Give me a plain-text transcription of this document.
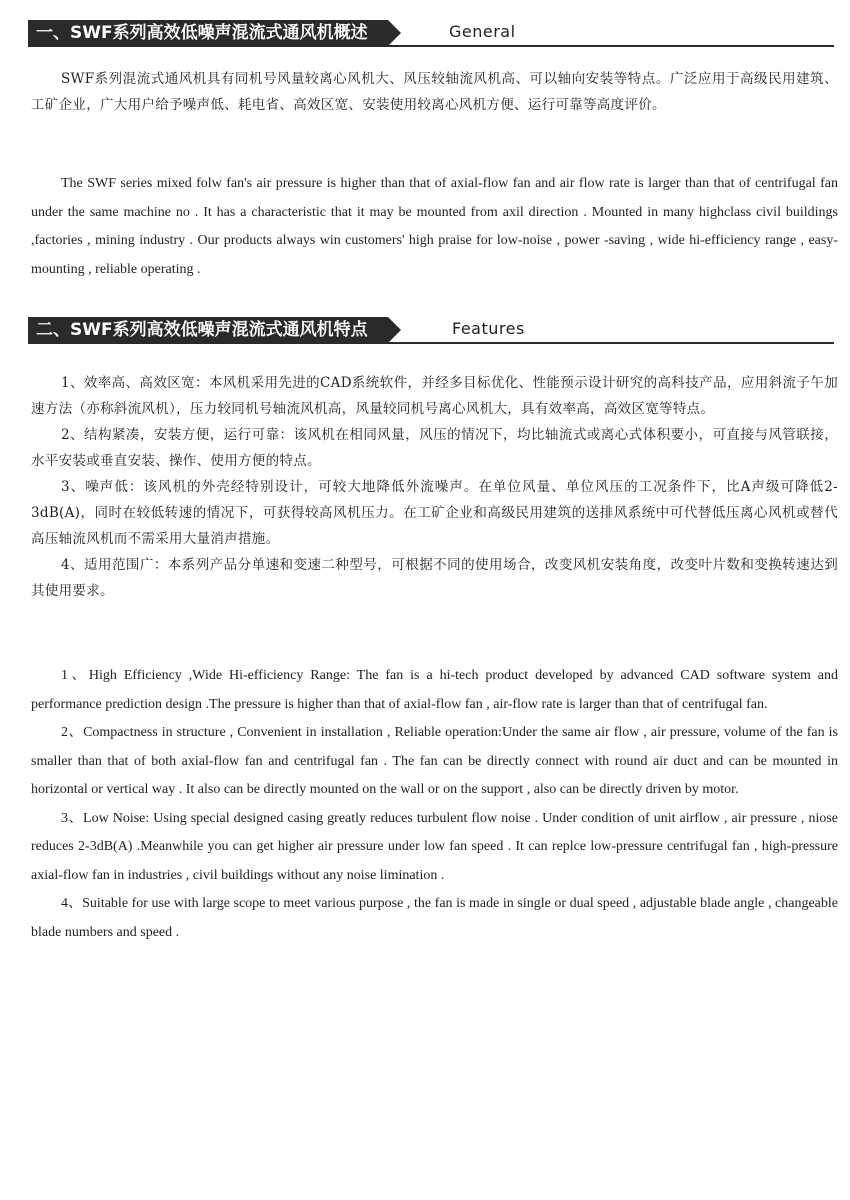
一、SWF系列高效低噪声混流式通风机概述	General

SWF系列混流式通风机具有同机号风量较离心风机大、风压较轴流风机高、可以轴向安装等特点。广泛应用于高级民用建筑、工矿企业，广大用户给予噪声低、耗电省、高效区宽、安装使用较离心风机方便、运行可靠等高度评价。

The SWF series mixed folw fan's air pressure is higher than that of axial-flow fan and air flow rate is larger than that of centrifugal fan under the same machine no . It has a characteristic that it may be mounted from axil direction . Mounted in many highclass civil buildings ,factories , mining industry . Our products always win customers' high praise for low-noise , power -saving , wide hi-efficiency range , easy-mounting , reliable operating .

二、SWF系列高效低噪声混流式通风机特点	Features

1、效率高、高效区宽：本风机采用先进的CAD系统软件，并经多目标优化、性能预示设计研究的高科技产品，应用斜流子午加速方法（亦称斜流风机），压力较同机号轴流风机高，风量较同机号离心风机大，具有效率高，高效区宽等特点。

2、结构紧凑，安装方便，运行可靠：该风机在相同风量，风压的情况下，均比轴流式或离心式体积要小，可直接与风管联接，水平安装或垂直安装、操作、使用方便的特点。

3、噪声低：该风机的外壳经特别设计，可较大地降低外流噪声。在单位风量、单位风压的工况条件下，比A声级可降低2-3dB(A)，同时在较低转速的情况下，可获得较高风机压力。在工矿企业和高级民用建筑的送排风系统中可代替低压离心风机或替代高压轴流风机而不需采用大量消声措施。

4、适用范围广：本系列产品分单速和变速二种型号，可根据不同的使用场合，改变风机安装角度，改变叶片数和变换转速达到其使用要求。

1、High Efficiency ,Wide Hi-efficiency Range: The fan is a hi-tech product developed by advanced CAD software system and performance prediction design .The pressure is higher than that of axial-flow fan , air-flow rate is larger than that of centrifugal fan.

2、Compactness in structure , Convenient in installation , Reliable operation:Under the same air flow , air pressure, volume of the fan is smaller than that of both axial-flow fan and centrifugal fan . The fan can be directly connect with round air duct and can be mounted in horizontal or vertical way . It also can be directly mounted on the wall or on the support , also can be directly driven by motor.

3、Low Noise: Using special designed casing greatly reduces turbulent flow noise . Under condition of unit airflow , air pressure , niose reduces 2-3dB(A) .Meanwhile you can get higher air pressure under low fan speed . It can replce low-pressure centrifugal fan , high-pressure axial-flow fan in industries , civil buildings without any noise limination .

4、Suitable for use with large scope to meet various purpose , the fan is made in single or dual speed , adjustable blade angle , changeable blade numbers and speed .
